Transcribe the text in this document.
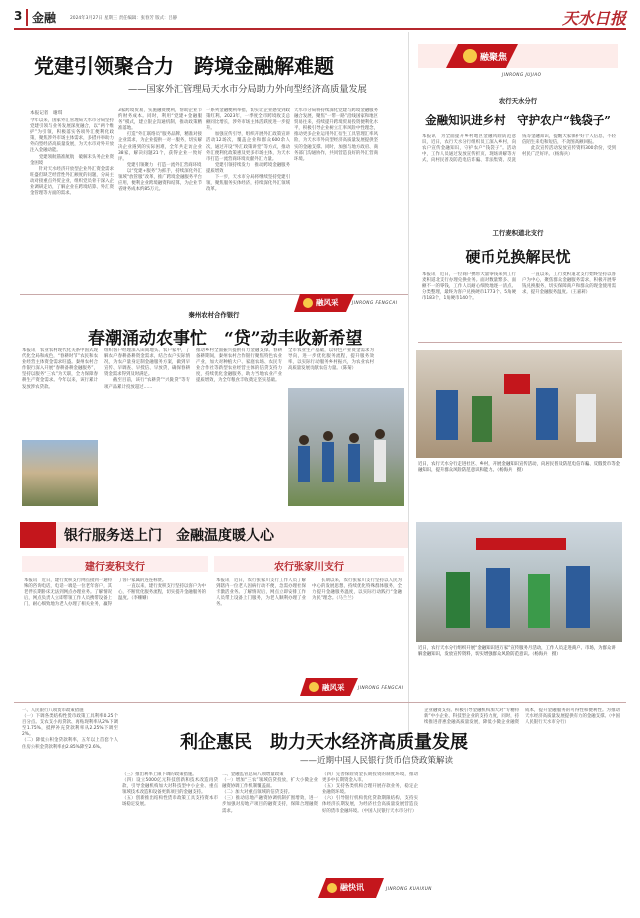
3 金融	2024年3月27日 星期三 责任编辑：张春芳 版式：吕静	天水日报
党建引领聚合力　跨境金融解难题
——国家外汇管理局天水市分局助力外向型经济高质量发展
本报记者　谢琪
今年以来，国家外汇管理局天水市分局坚持党建引领与业务发展深度融合，以“两个维护”为引领，积极落实各项外汇便利化政策，聚焦涉外市场主体需求，多措并举助力外向型经济高质量发展，为天水市对外开放注入金融动能。
　　党建领航锚准航航　破解未头务企业资金困境
　　针对天水经济开放型企业外汇资金需求旺盛但缺乏经营性外汇额度的问题，分局主动对接重点外贸企业，组织党员骨干深入企业调研走访，了解企业在跨境结算、外汇资金管理等方面的需求。
3家跨境贸易，实施融资便利，帮助企业节约财务成本。同时，利用“党建+金融服务”模式，建立银企沟通机制，推动政策精准落地。
　　打造“外汇联络员”服务品牌，精准对接企业需求，为企业提供一对一服务，切实解决企业遇到的实际困难，全年共走访企业38家，解决问题21个，获得企业一致好评。
　　党建引领聚力　打造一流外汇营商环境
　　以“党建+服务”为抓手，持续深化外汇领域“放管服”改革，推广跨境金融服务平台应用，便利企业跨境融资和结算，为企业节省财务成本约85万元。
一系列金融便利举措，切实让企业感受到政策红利。2023年，一季度全市跨境收支总额同比增长，涉外市场主体活跃度进一步提升。
　　加强宣传引导，组织开展外汇政策宣讲活动12场次，覆盖企业和群众600余人次，通过开设“外汇政策讲堂”等方式，推动外汇便利化政策惠及更多市场主体，为天水市打造一流营商环境贡献外汇力量。
　　党建引领持续发力　推动跨境金融服务提质增效
　　下一步，天水市分局将继续坚持党建引领，聚焦服务实体经济，持续深化外汇领域改革。
天水市分局将持续深化党建与跨境金融服务融合发展，聚焦“一带一路”沿线国家和地区贸易往来，持续提升跨境贸易投资便利化水平，积极引导企业树立汇率风险中性理念，推动更多企业运用外汇衍生工具管理汇率风险，为天水市外向型经济高质量发展提供坚实的金融支撑。同时，加强与地方政府、商务部门沟通协作，共同营造良好的外汇营商环境。
融聚焦
JINRONG JUJIAO
农行天水分行
金融知识进乡村　守护农户“钱袋子”
本报讯　为全面提升乡村地区金融风险防范意识，近日，农行天水分行组织员工深入乡村，向农户宣传金融知识，守护农户“钱袋子”。活动中，工作人员通过发放宣传折页、现场讲解等方式，向村民普及防范电信诈骗、非法集资、反洗钱等金融知识，提醒大家保护好个人信息，不轻信陌生来电和短信，不贪图高额回报。
　　此次宣传活动发放宣传资料300余份，受到村民广泛好评。（杨海兵）
工行麦积道北支行
硬币兑换解民忧
本报讯　近日，一位商户携带大量零钱来到工行麦积道北支行办理兑换业务。面对数量繁多、面额不一的零钱，工作人员耐心细致地逐一清点、分类整理，最终为客户兑换硬币1773个、5角硬币183个，1角硬币140个。
　　一直以来，工行麦积道北支行始终坚持以客户为中心，聚焦群众金融服务需求，积极开展零钱兑换服务，切实保障商户和群众的现金使用需求，提升金融服务温度。（王嘉莉）
融风采	JINRONG FENGCAI
秦州农村合作银行
春潮涌动农事忙　“贷”动丰收新希望
本报讯　农业农村现代化关系中国式现代化全局和成色，“春耕时节”农民和农业经营主体资金需求旺盛。秦州农村合作银行深入开展“春耕备耕金融服务”，坚持以服务“三农”为天职，全力保障春耕生产资金需求。今年以来，该行累计发放涉农贷款。
组织客户经理深入田间地头、农户家中，了解农户春耕备耕资金需求，结合农户实际情况，为农户量身定制金融服务方案，做到早宣传、早调查、早授信、早放贷，确保春耕资金需求得到及时满足。
　　截至目前，该行“农耕贷”“兴陇贷”等专项产品累计投放超过……
推动乡村全面振兴提供有力金融支撑。春耕备耕期间，秦州农村合作银行聚焦特色农业产业，加大对种植大户、家庭农场、农民专业合作社等新型农业经营主体的信贷支持力度，持续优化金融服务，助力当地农业产业提质增效，为全年粮食丰收奠定坚实基础。
全市农业生产基础，以特色产业资金需求为导向，进一步优化服务流程，提升服务效率，以实际行动服务乡村振兴，为农业农村高质量发展贡献农信力量。（陈菊）
近日，农行天水分行走进社区、乡村，开展金融知识宣传活动，向居民普及防范电信诈骗、反假货币等金融知识，提升群众风险防范意识和能力。（杨海兵　摄）
近日，农行天水分行组织开展“金融知识进万家”宣传服务月活动，工作人员走进商户、市场，为群众讲解金融知识，发放宣传资料，切实增强群众风险防范意识。（杨海兵　摄）
银行服务送上门　金融温度暖人心
建行麦积支行
本报讯　近日，建行麦积支行网点接到一通特殊的咨询电话，电话一端是一位老年客户，其老伴长期卧床无法到网点办理业务。了解情况后，网点负责人立即带领工作人员携带设备上门，耐心细致地为老人办理了相关业务，赢得了客户家属的连连称赞。
　　一直以来，建行麦积支行坚持以客户为中心，不断优化服务流程，切实提升金融服务的温度。（李姗姗）
农行张家川支行
本报讯　近日，农行张家川支行工作人员了解到辖内一位老人因病行动不便，急需办理社保卡激活业务。了解情况后，网点立即安排工作人员带上设备上门服务，为老人顺利办理了业务。
　　长期以来，农行张家川支行坚持以人民为中心的发展思想，持续优化特殊群体服务，全力提升金融服务温度，以实际行动践行“金融为民”理念。（马兰兰）
融风采	JINRONG FENGCAI
一、人民银行八项货币政策措施
（一）下调各类结构性货币政策工具利率0.25个百分点。支农支小再贷款、再贴现利率从2%下调至1.75%，抵押补充贷款利率从2.25%下调至2%。
（二）降低公积金贷款利率，五年以上首套个人住房公积金贷款利率由2.85%降至2.6%。	利企惠民　助力天水经济高质量发展
——近期中国人民银行货币信贷政策解读
（三）推出利率上限下调的政策措施。
（四）设立5000亿元科技创新和技术改造再贷款，引导金融机构加大对科技型中小企业、重点领域技术改造和设备更新项目的金融支持。
（五）创新推出结构性货币政策工具支持资本市场稳定发展。
二、金融监管总局八项增量政策
（一）增加“三农”领域信贷投放，扩大小微企业融资协调工作机制覆盖面。
（二）加大对重点领域的信贷支持。
（三）推动房地产融资协调机制扩围增效，进一步加强对房地产项目的融资支持，保障合理融资需求。
（四）完善保险资金长期投资的制度环境，推动更多中长期资金入市。
（五）支持各类机构合理开展存款业务，稳定企业融资环境。
（六）引导银行机构优化贷款期限结构，支持实体经济长期发展，为经济社会高质量发展营造良好的货币金融环境。（中国人民银行天水市分行）
融快讯	JINRONG KUAIXUN
企业融资支持。积极引导金融机构加大对“专精特新”中小企业、科技型企业的支持力度，同时，持续推进普惠金融高质量发展，降低小微企业融资成本，提升金融服务的可得性和便利性。为推动天水经济高质量发展提供有力的金融支撑。（中国人民银行天水市分行）
